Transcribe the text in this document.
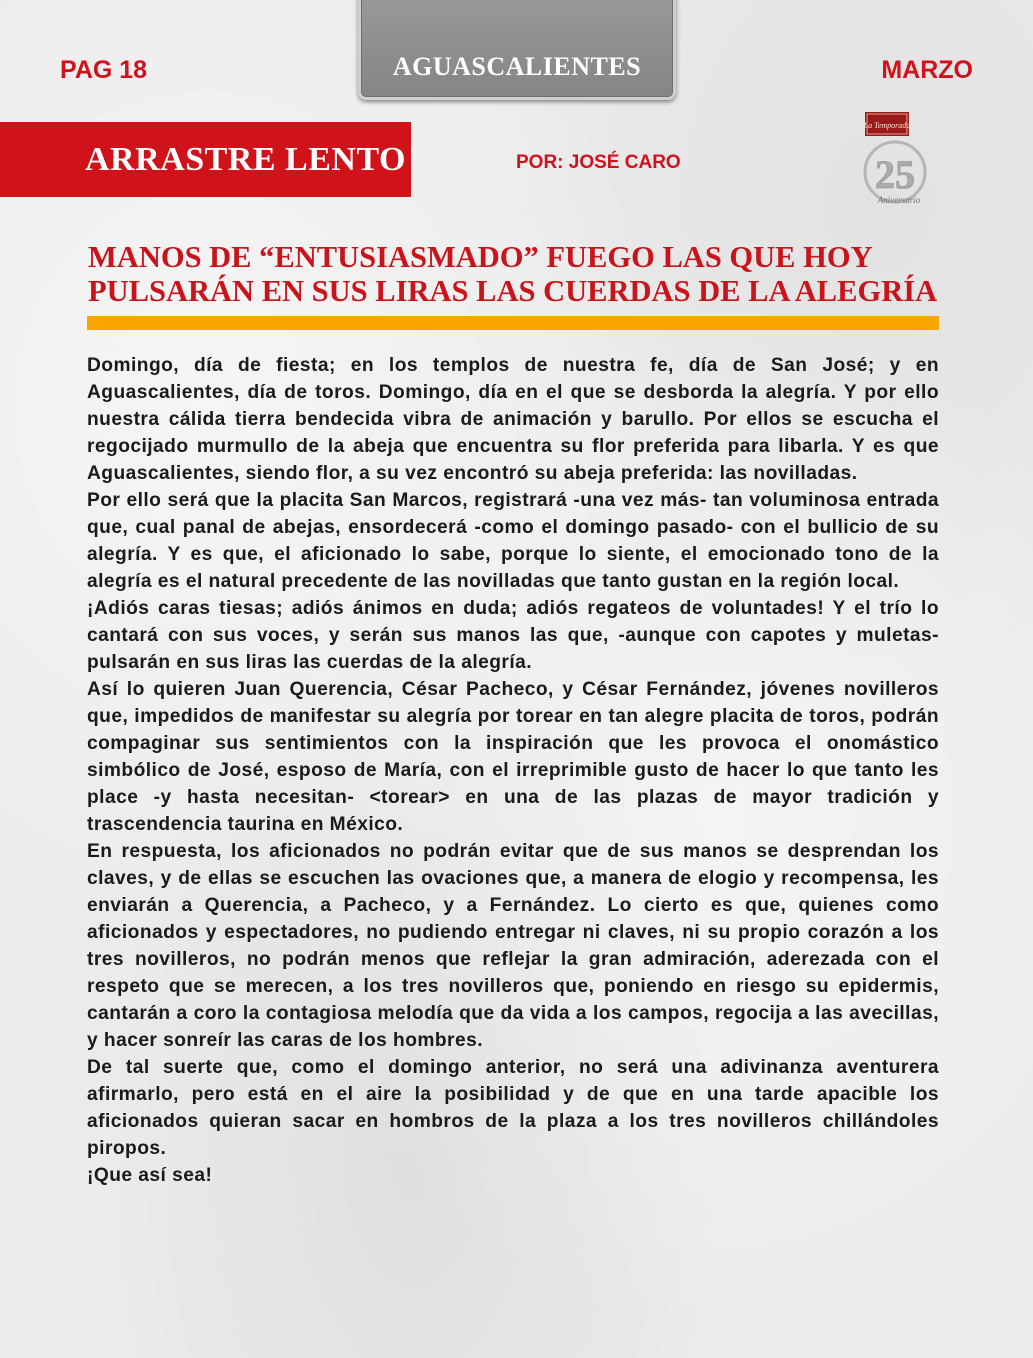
PAG 18	AGUASCALIENTES	MARZO
ARRASTRE LENTO	POR: JOSÉ CARO
La Temporada
25
Aniversario
MANOS DE “ENTUSIASMADO” FUEGO LAS QUE HOY
PULSARÁN EN SUS LIRAS LAS CUERDAS DE LA ALEGRÍA

Domingo, día de fiesta; en los templos de nuestra fe, día de San José; y en Aguascalientes, día de toros. Domingo, día en el que se desborda la alegría. Y por ello nuestra cálida tierra bendecida vibra de animación y barullo. Por ellos se escucha el regocijado murmullo de la abeja que encuentra su flor preferida para libarla. Y es que Aguascalientes, siendo flor, a su vez encontró su abeja preferida: las novilladas.

Por ello será que la placita San Marcos, registrará -una vez más- tan voluminosa entrada que, cual panal de abejas, ensordecerá -como el domingo pasado- con el bullicio de su alegría. Y es que, el aficionado lo sabe, porque lo siente, el emocionado tono de la alegría es el natural precedente de las novilladas que tanto gustan en la región local.

¡Adiós caras tiesas; adiós ánimos en duda; adiós regateos de voluntades! Y el trío lo cantará con sus voces, y serán sus manos las que, -aunque con capotes y muletas- pulsarán en sus liras las cuerdas de la alegría.

Así lo quieren Juan Querencia, César Pacheco, y César Fernández, jóvenes novilleros que, impedidos de manifestar su alegría por torear en tan alegre placita de toros, podrán compaginar sus sentimientos con la inspiración que les provoca el onomástico simbólico de José, esposo de María, con el irreprimible gusto de hacer lo que tanto les place -y hasta necesitan- <torear> en una de las plazas de mayor tradición y trascendencia taurina en México.

En respuesta, los aficionados no podrán evitar que de sus manos se desprendan los claves, y de ellas se escuchen las ovaciones que, a manera de elogio y recompensa, les enviarán a Querencia, a Pacheco, y a Fernández. Lo cierto es que, quienes como aficionados y espectadores, no pudiendo entregar ni claves, ni su propio corazón a los tres novilleros, no podrán menos que reflejar la gran admiración, aderezada con el respeto que se merecen, a los tres novilleros que, poniendo en riesgo su epidermis, cantarán a coro la contagiosa melodía que da vida a los campos, regocija a las avecillas, y hacer sonreír las caras de los hombres.

De tal suerte que, como el domingo anterior, no será una adivinanza aventurera afirmarlo, pero está en el aire la posibilidad y de que en una tarde apacible los aficionados quieran sacar en hombros de la plaza a los tres novilleros chillándoles piropos.

¡Que así sea!
